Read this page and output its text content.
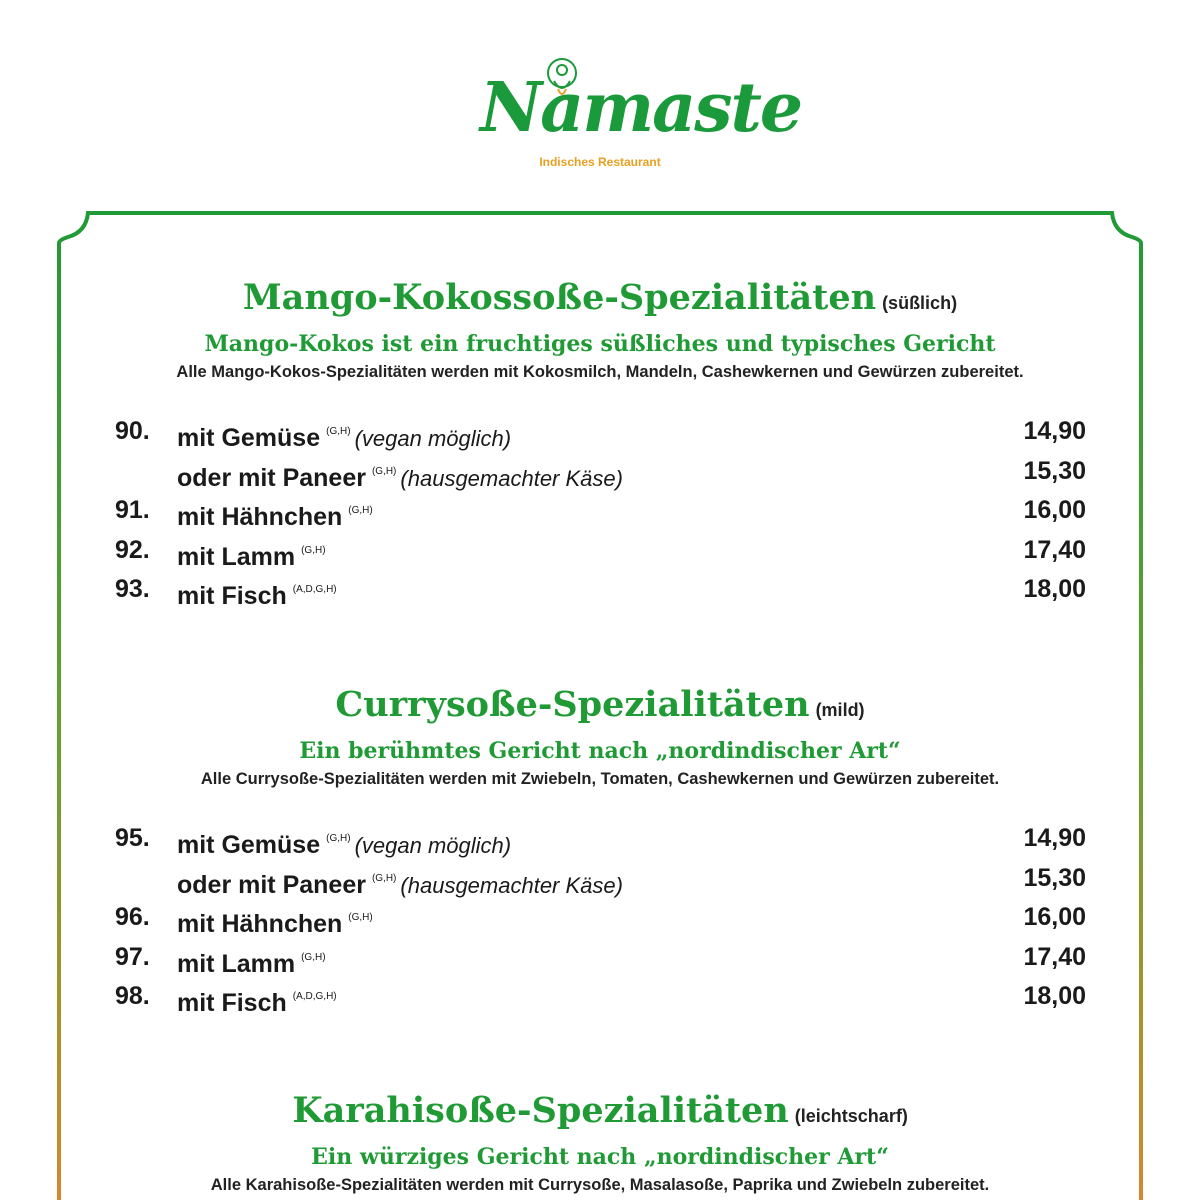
Namaste
Indisches Restaurant
Mango-Kokossoße-Spezialitäten (süßlich)
Mango-Kokos ist ein fruchtiges süßliches und typisches Gericht
Alle Mango-Kokos-Spezialitäten werden mit Kokosmilch, Mandeln, Cashewkernen und Gewürzen zubereitet.
90. mit Gemüse $^{(G,H)}$ (vegan möglich)	14,90
oder mit Paneer $^{(G,H)}$ (hausgemachter Käse)	15,30
91. mit Hähnchen $^{(G,H)}$	16,00
92. mit Lamm $^{(G,H)}$	17,40
93. mit Fisch $^{(A,D,G,H)}$	18,00
Currysoße-Spezialitäten (mild)
Ein berühmtes Gericht nach „nordindischer Art“
Alle Currysoße-Spezialitäten werden mit Zwiebeln, Tomaten, Cashewkernen und Gewürzen zubereitet.
95. mit Gemüse $^{(G,H)}$ (vegan möglich)	14,90
oder mit Paneer $^{(G,H)}$ (hausgemachter Käse)	15,30
96. mit Hähnchen $^{(G,H)}$	16,00
97. mit Lamm $^{(G,H)}$	17,40
98. mit Fisch $^{(A,D,G,H)}$	18,00
Karahisoße-Spezialitäten (leichtscharf)
Ein würziges Gericht nach „nordindischer Art“
Alle Karahisoße-Spezialitäten werden mit Currysoße, Masalasoße, Paprika und Zwiebeln zubereitet.
